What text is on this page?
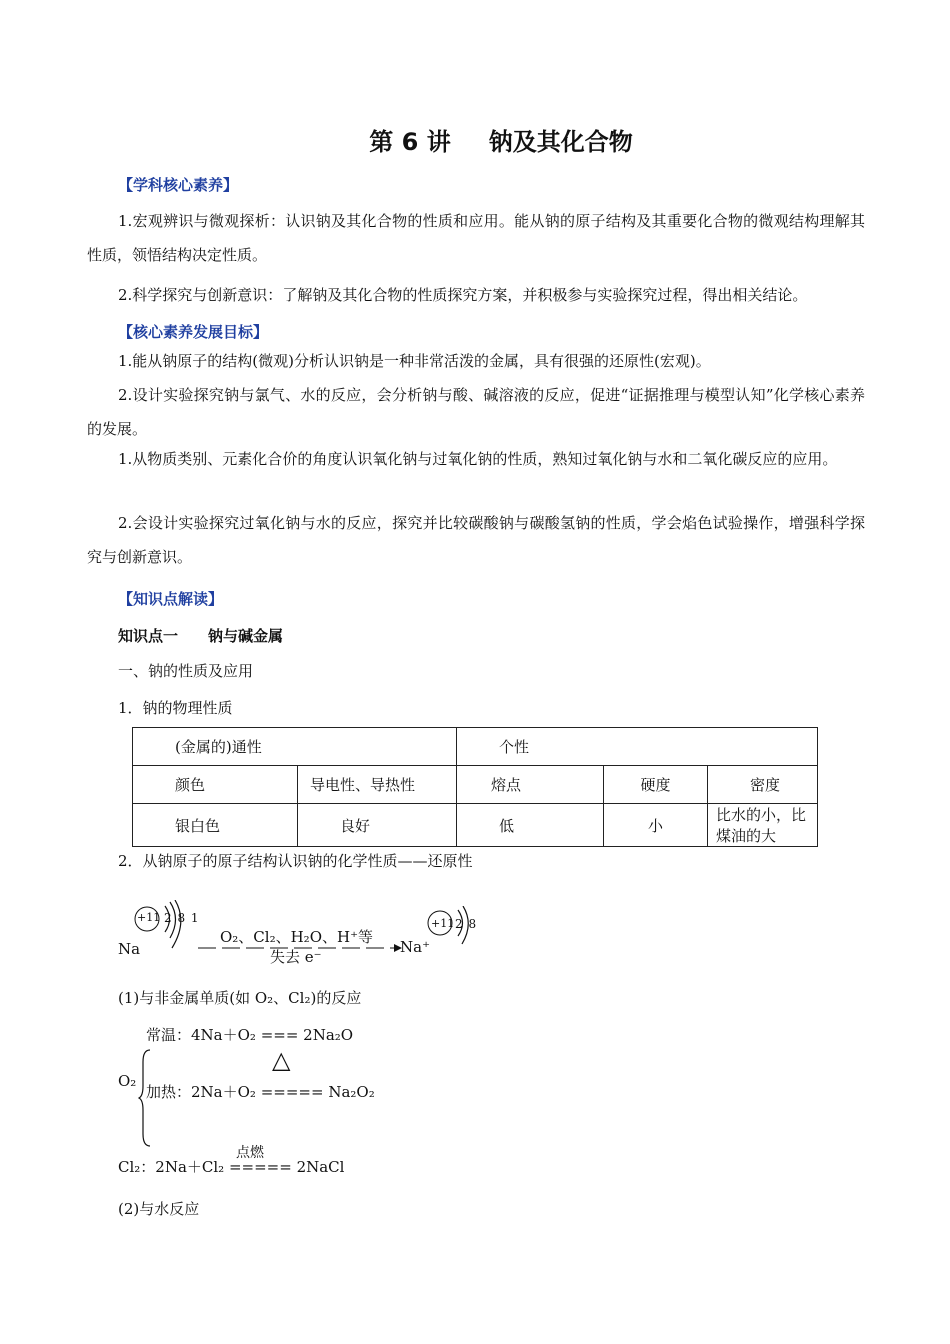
第 6 讲 钠及其化合物
【学科核心素养】
1.宏观辨识与微观探析：认识钠及其化合物的性质和应用。能从钠的原子结构及其重要化合物的微观结构理解其性质，领悟结构决定性质。
2.科学探究与创新意识：了解钠及其化合物的性质探究方案，并积极参与实验探究过程，得出相关结论。
【核心素养发展目标】
1.能从钠原子的结构(微观)分析认识钠是一种非常活泼的金属，具有很强的还原性(宏观)。
2.设计实验探究钠与氯气、水的反应，会分析钠与酸、碱溶液的反应，促进“证据推理与模型认知”化学核心素养的发展。
1.从物质类别、元素化合价的角度认识氧化钠与过氧化钠的性质，熟知过氧化钠与水和二氧化碳反应的应用。
2.会设计实验探究过氧化钠与水的反应，探究并比较碳酸钠与碳酸氢钠的性质，学会焰色试验操作，增强科学探究与创新意识。
【知识点解读】
知识点一 钠与碱金属
一、钠的性质及应用
1．钠的物理性质
(金属的)通性		个性		
颜色	导电性、导热性	熔点	硬度	密度
银白色	良好	低	小	比水的小，比煤油的大
2．从钠原子的原子结构认识钠的化学性质——还原性
Na
+11 2 8 1
O₂、Cl₂、H₂O、H⁺等
失去 e⁻
Na⁺
+11 2 8
(1)与非金属单质(如 O₂、Cl₂)的反应
O₂
常温：4Na＋O₂ === 2Na₂O
△
加热：2Na＋O₂ ===== Na₂O₂
点燃
Cl₂：2Na＋Cl₂ ===== 2NaCl
(2)与水反应
